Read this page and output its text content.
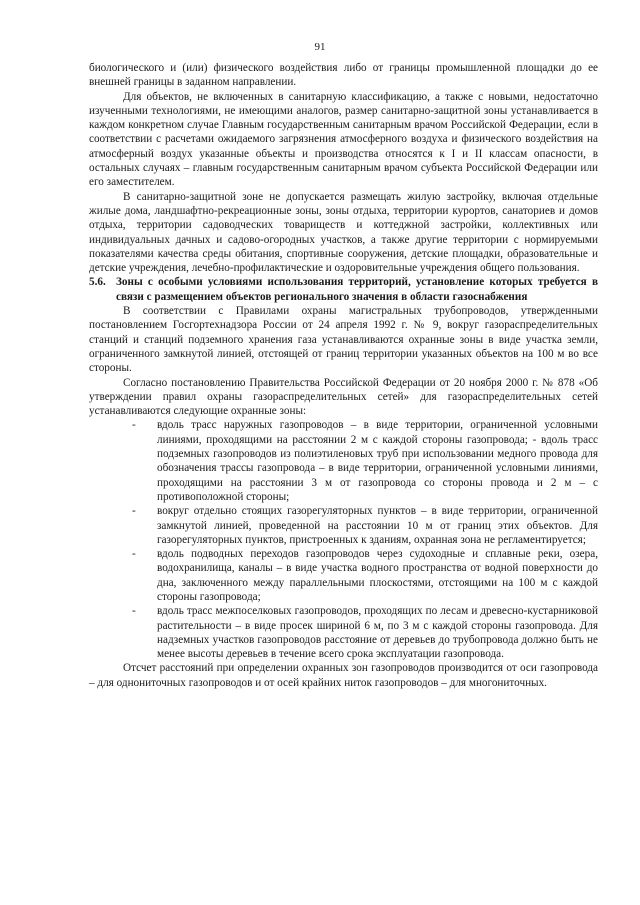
91

биологического и (или) физического воздействия либо от границы промышленной площадки до ее внешней границы в заданном направлении.

Для объектов, не включенных в санитарную классификацию, а также с новыми, недостаточно изученными технологиями, не имеющими аналогов, размер санитарно-защитной зоны устанавливается в каждом конкретном случае Главным государственным санитарным врачом Российской Федерации, если в соответствии с расчетами ожидаемого загрязнения атмосферного воздуха и физического воздействия на атмосферный воздух указанные объекты и производства относятся к I и II классам опасности, в остальных случаях – главным государственным санитарным врачом субъекта Российской Федерации или его заместителем.

В санитарно-защитной зоне не допускается размещать жилую застройку, включая отдельные жилые дома, ландшафтно-рекреационные зоны, зоны отдыха, территории курортов, санаториев и домов отдыха, территории садоводческих товариществ и коттеджной застройки, коллективных или индивидуальных дачных и садово-огородных участков, а также другие территории с нормируемыми показателями качества среды обитания, спортивные сооружения, детские площадки, образовательные и детские учреждения, лечебно-профилактические и оздоровительные учреждения общего пользования.

5.6. Зоны с особыми условиями использования территорий, установление которых требуется в связи с размещением объектов регионального значения в области газоснабжения

В соответствии с Правилами охраны магистральных трубопроводов, утвержденными постановлением Госгортехнадзора России от 24 апреля 1992 г. № 9, вокруг газораспределительных станций и станций подземного хранения газа устанавливаются охранные зоны в виде участка земли, ограниченного замкнутой линией, отстоящей от границ территории указанных объектов на 100 м во все стороны.

Согласно постановлению Правительства Российской Федерации от 20 ноября 2000 г. № 878 «Об утверждении правил охраны газораспределительных сетей» для газораспределительных сетей устанавливаются следующие охранные зоны:

-	вдоль трасс наружных газопроводов – в виде территории, ограниченной условными линиями, проходящими на расстоянии 2 м с каждой стороны газопровода; - вдоль трасс подземных газопроводов из полиэтиленовых труб при использовании медного провода для обозначения трассы газопровода – в виде территории, ограниченной условными линиями, проходящими на расстоянии 3 м от газопровода со стороны провода и 2 м – с противоположной стороны;
-	вокруг отдельно стоящих газорегуляторных пунктов – в виде территории, ограниченной замкнутой линией, проведенной на расстоянии 10 м от границ этих объектов. Для газорегуляторных пунктов, пристроенных к зданиям, охранная зона не регламентируется;
-	вдоль подводных переходов газопроводов через судоходные и сплавные реки, озера, водохранилища, каналы – в виде участка водного пространства от водной поверхности до дна, заключенного между параллельными плоскостями, отстоящими на 100 м с каждой стороны газопровода;
-	вдоль трасс межпоселковых газопроводов, проходящих по лесам и древесно-кустарниковой растительности – в виде просек шириной 6 м, по 3 м с каждой стороны газопровода. Для надземных участков газопроводов расстояние от деревьев до трубопровода должно быть не менее высоты деревьев в течение всего срока эксплуатации газопровода.

Отсчет расстояний при определении охранных зон газопроводов производится от оси газопровода – для однониточных газопроводов и от осей крайних ниток газопроводов – для многониточных.
